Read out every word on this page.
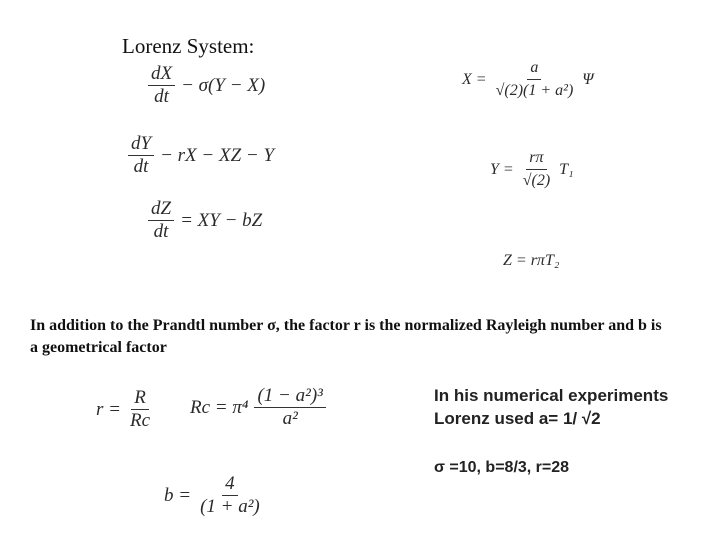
Lorenz System:
$\frac{dX}{dt} - \sigma(Y - X)$
$\frac{dY}{dt}$ − rX − XZ − Y
$\frac{dZ}{dt}$ = XY − bZ
$X = \frac{a}{\text{√(2)(1 + a²)}}$ Ψ
$Y = \frac{r\pi}{√(2)} T_1$
Z = rπT₂
In addition to the Prandtl number σ, the factor r is the normalized Rayleigh number and b is a geometrical factor
$r = \frac{R}{Rc}$ $Rc = \pi^4 \frac{\text{(1 − a²)³}}{\text{a²}}$
$b = \frac{4}{\text{(1 + a²)}}$
In his numerical experiments
Lorenz used a= 1/ √2
σ =10, b=8/3, r=28
